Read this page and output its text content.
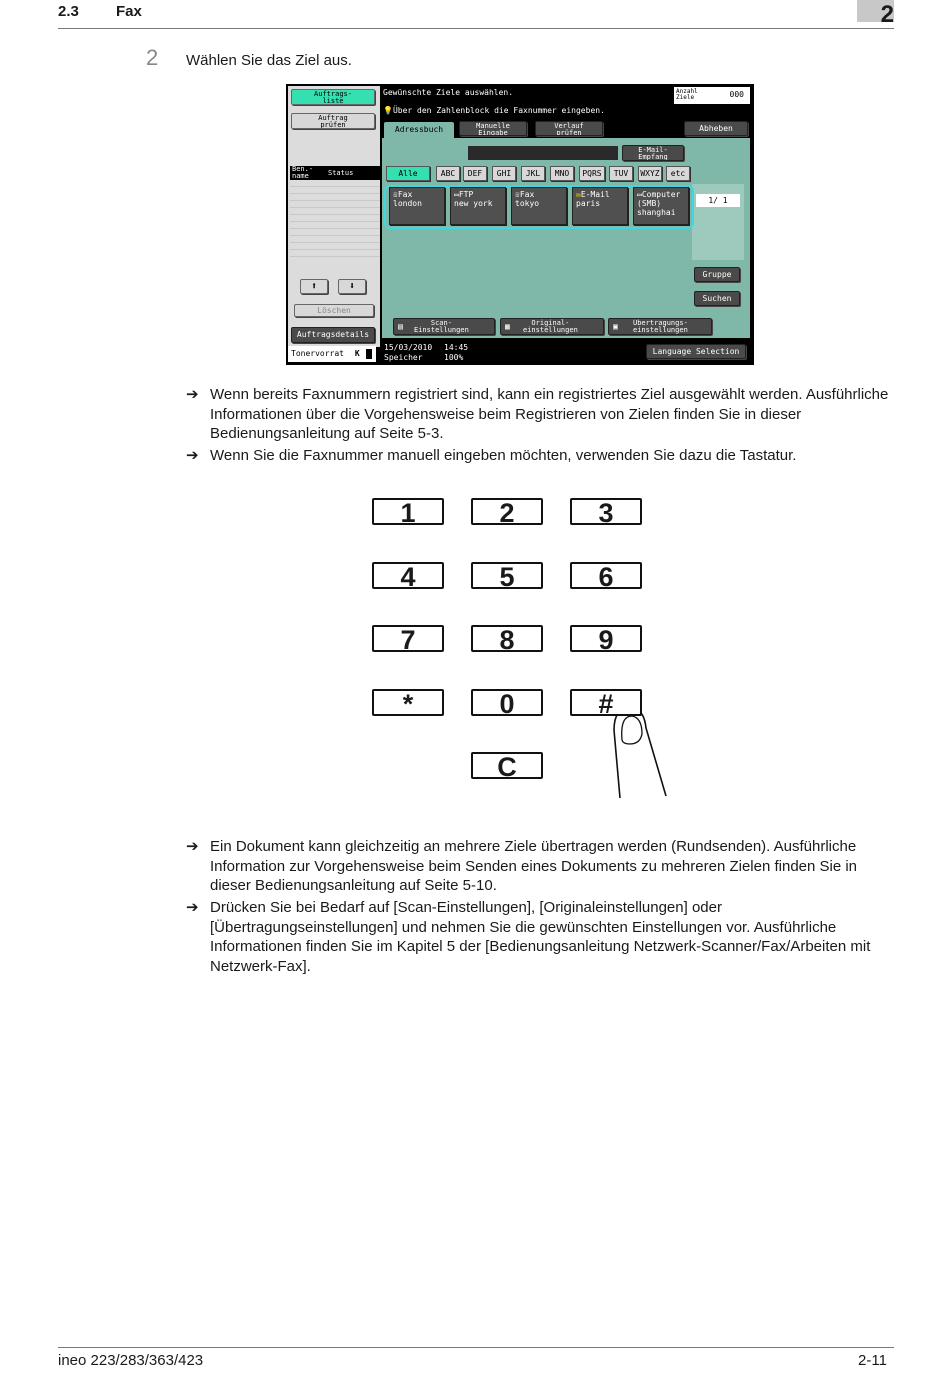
2.3 Fax	2
2 Wählen Sie das Ziel aus.
Auftrags-
liste
Auftrag
prüfen
Ben.-
name	Status
⬆	⬇
Löschen
Auftragsdetails
Tonervorrat K
Gewünschte Ziele auswählen.
💡Über den Zahlenblock die Faxnummer eingeben.
Anzahl
Ziele	000
Adressbuch	Manuelle
Eingabe
Verlauf
prüfen	Abheben
E-Mail-
Empfang
1/ 1
Gruppe
Suchen
▤	Scan-
Einstellungen	▦	Original-
einstellungen	▣ Übertragungs-
einstellungen
15/03/2010 14:45
Speicher	100%
Language Selection
Alle	ABC	DEF	GHI	JKL	MNO	PQRS	TUV	WXYZ	etc
☏Fax
london
▭FTP
new york
☏Fax
tokyo
✉E-Mail
paris
▭Computer
(SMB)
shanghai
➔ Wenn bereits Faxnummern registriert sind, kann ein registriertes Ziel ausgewählt werden. Ausführliche Informationen über die Vorgehensweise beim Registrieren von Zielen finden Sie in dieser Bedienungsanleitung auf Seite 5-3.
➔ Wenn Sie die Faxnummer manuell eingeben möchten, verwenden Sie dazu die Tastatur.
➔ Ein Dokument kann gleichzeitig an mehrere Ziele übertragen werden (Rundsenden). Ausführliche Information zur Vorgehensweise beim Senden eines Dokuments zu mehreren Zielen finden Sie in dieser Bedienungsanleitung auf Seite 5-10.
➔ Drücken Sie bei Bedarf auf [Scan-Einstellungen], [Originaleinstellungen] oder [Übertragungseinstellungen] und nehmen Sie die gewünschten Einstellungen vor. Ausführliche Informationen finden Sie im Kapitel 5 der [Bedienungsanleitung Netzwerk-Scanner/Fax/Arbeiten mit Netzwerk-Fax].
ineo 223/283/363/423	2-11
1	2	3
4	5	6
7	8	9
*	0	#
C
